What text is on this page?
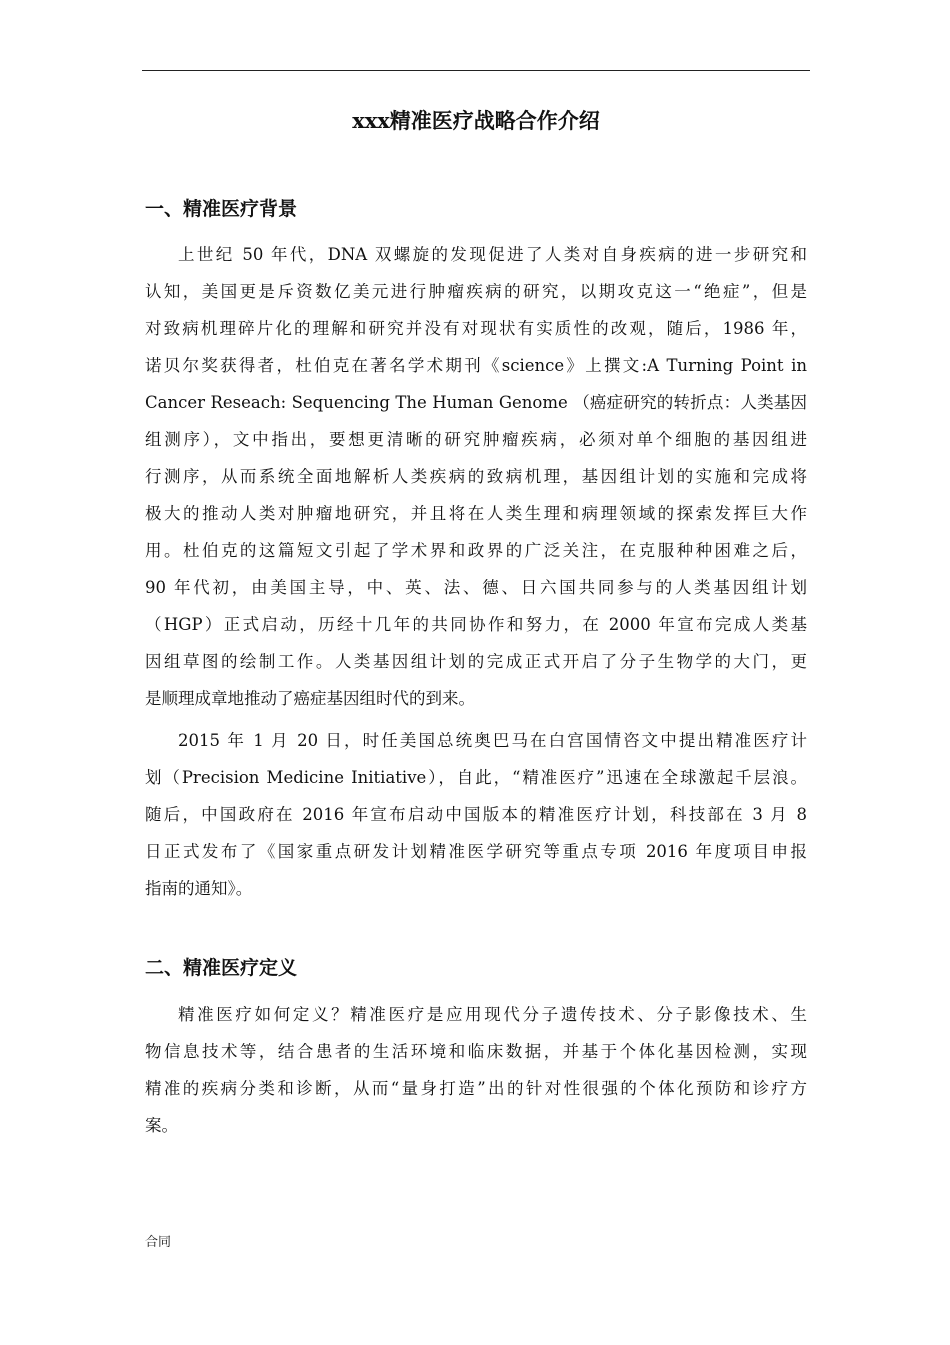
xxx精准医疗战略合作介绍
一、精准医疗背景
上世纪 50 年代，DNA 双螺旋的发现促进了人类对自身疾病的进一步研究和
认知，美国更是斥资数亿美元进行肿瘤疾病的研究，以期攻克这一“绝症”，但是
对致病机理碎片化的理解和研究并没有对现状有实质性的改观，随后，1986 年，
诺贝尔奖获得者，杜伯克在著名学术期刊《science》上撰文:A Turning Point in
Cancer Reseach: Sequencing The Human Genome （癌症研究的转折点：人类基因
组测序），文中指出，要想更清晰的研究肿瘤疾病，必须对单个细胞的基因组进
行测序，从而系统全面地解析人类疾病的致病机理，基因组计划的实施和完成将
极大的推动人类对肿瘤地研究，并且将在人类生理和病理领域的探索发挥巨大作
用。杜伯克的这篇短文引起了学术界和政界的广泛关注，在克服种种困难之后，
90 年代初，由美国主导，中、英、法、德、日六国共同参与的人类基因组计划
（HGP）正式启动，历经十几年的共同协作和努力，在 2000 年宣布完成人类基
因组草图的绘制工作。人类基因组计划的完成正式开启了分子生物学的大门，更
是顺理成章地推动了癌症基因组时代的到来。
2015 年 1 月 20 日，时任美国总统奥巴马在白宫国情咨文中提出精准医疗计
划（Precision Medicine Initiative），自此，“精准医疗”迅速在全球激起千层浪。
随后，中国政府在 2016 年宣布启动中国版本的精准医疗计划，科技部在 3 月 8
日正式发布了《国家重点研发计划精准医学研究等重点专项 2016 年度项目申报
指南的通知》。
二、精准医疗定义
精准医疗如何定义？精准医疗是应用现代分子遗传技术、分子影像技术、生
物信息技术等，结合患者的生活环境和临床数据，并基于个体化基因检测，实现
精准的疾病分类和诊断，从而“量身打造”出的针对性很强的个体化预防和诊疗方
案。
合同
